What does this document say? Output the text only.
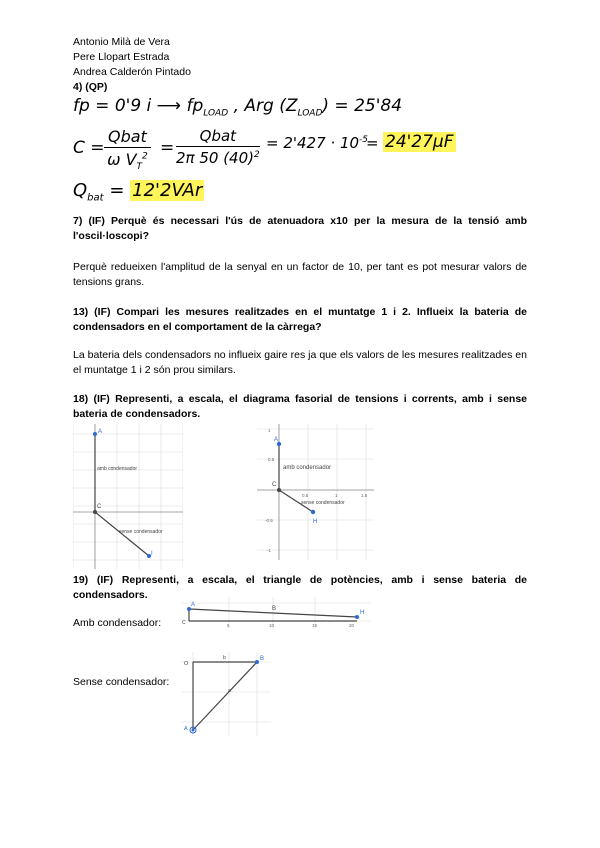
Antonio Milà de Vera
Pere Llopart Estrada
Andrea Calderón Pintado
4) (QP)
fp = 0'9 i ⟶ $fp_{LOAD}$ , Arg $(Z_{LOAD}) = 25'84$
C =
Qbat
ω $V_T^2$ =
Qbat
2π 50 $(40)^2$
= $2'427 \cdot 10^{-5}$
= 24'27μF
$Q_{bat} = 12'2VAr$
7) (IF) Perquè és necessari l'ús de atenuadora x10 per la mesura de la tensió amb l'oscil·loscopi?
Perquè redueixen l'amplitud de la senyal en un factor de 10, per tant es pot mesurar valors de tensions grans.
13) (IF) Compari les mesures realitzades en el muntatge 1 i 2. Influeix la bateria de condensadors en el comportament de la càrrega?
La bateria dels condensadors no influeix gaire res ja que els valors de les mesures realitzades en el muntatge 1 i 2 són prou similars.
18) (IF) Representi, a escala, el diagrama fasorial de tensions i corrents, amb i sense bateria de condensadors.
A
C
I
amb condensador
sense condensador
A
C
H
amb condensador
sense condensador
0.5
1
0.5	1	1.5
-0.5
-1
19) (IF) Representi, a escala, el triangle de potències, amb i sense bateria de condensadors.
Amb condensador:
A
C
H
B
5	10	15	20
Sense condensador:
O
B
A
b
a
